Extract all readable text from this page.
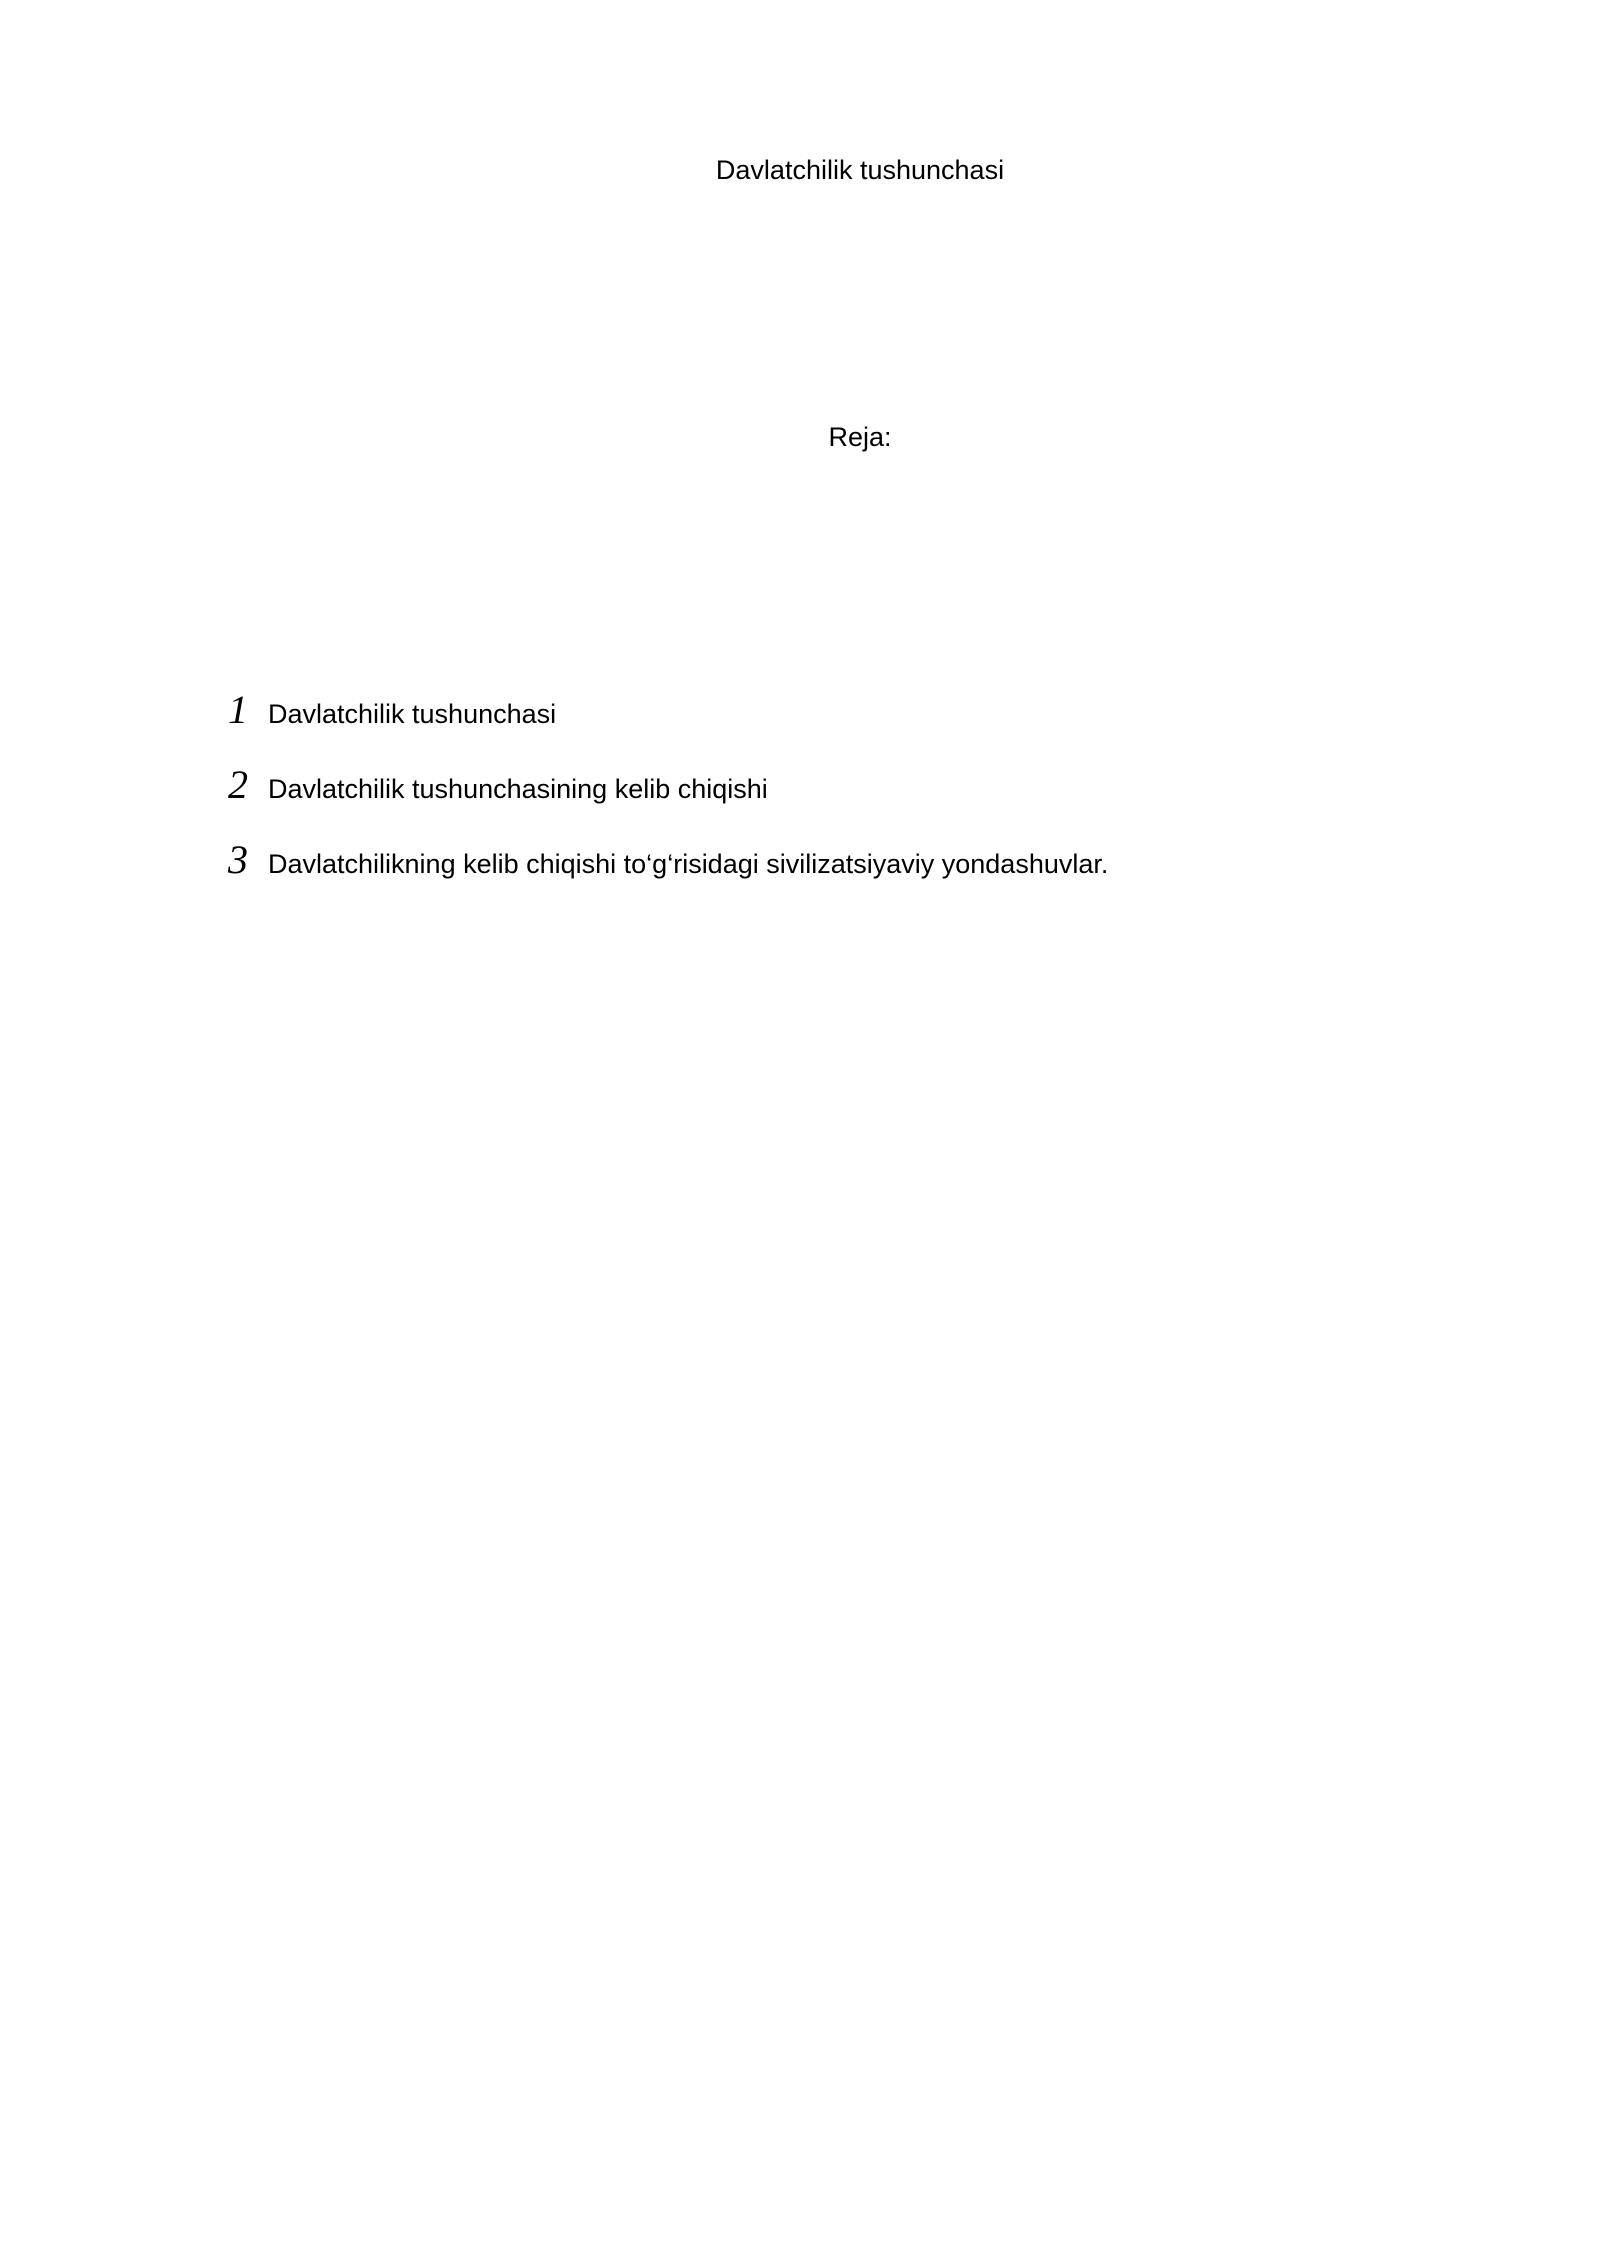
Davlatchilik tushunchasi
Reja:
1 Davlatchilik tushunchasi
2 Davlatchilik tushunchasining kelib chiqishi
3 Davlatchilikning kelib chiqishi to‘g‘risidagi sivilizatsiyaviy yondashuvlar.
